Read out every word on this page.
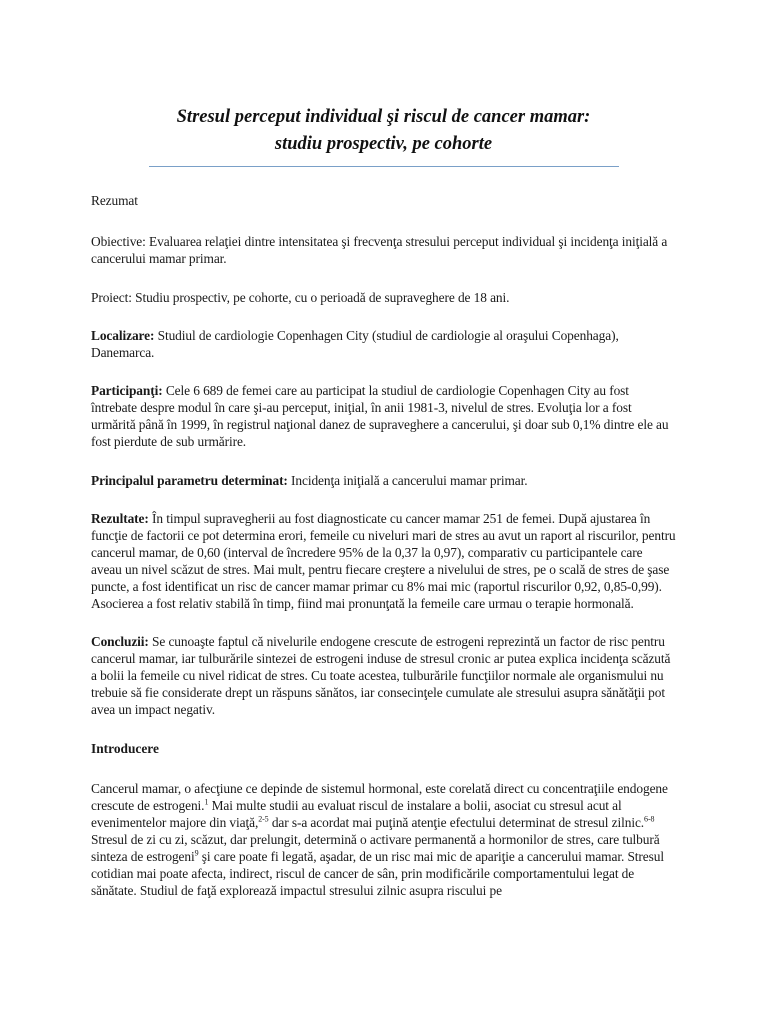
Stresul perceput individual şi riscul de cancer mamar:
studiu prospectiv, pe cohorte

Rezumat

Obiective: Evaluarea relaţiei dintre intensitatea şi frecvenţa stresului perceput individual şi incidenţa iniţială a cancerului mamar primar.

Proiect: Studiu prospectiv, pe cohorte, cu o perioadă de supraveghere de 18 ani.

Localizare: Studiul de cardiologie Copenhagen City (studiul de cardiologie al oraşului Copenhaga), Danemarca.

Participanţi: Cele 6 689 de femei care au participat la studiul de cardiologie Copenhagen City au fost întrebate despre modul în care şi-au perceput, iniţial, în anii 1981-3, nivelul de stres. Evoluţia lor a fost urmărită până în 1999, în registrul naţional danez de supraveghere a cancerului, şi doar sub 0,1% dintre ele au fost pierdute de sub urmărire.

Principalul parametru determinat: Incidenţa iniţială a cancerului mamar primar.

Rezultate: În timpul supravegherii au fost diagnosticate cu cancer mamar 251 de femei. După ajustarea în funcţie de factorii ce pot determina erori, femeile cu niveluri mari de stres au avut un raport al riscurilor, pentru cancerul mamar, de 0,60 (interval de încredere 95% de la 0,37 la 0,97), comparativ cu participantele care aveau un nivel scăzut de stres. Mai mult, pentru fiecare creştere a nivelului de stres, pe o scală de stres de şase puncte, a fost identificat un risc de cancer mamar primar cu 8% mai mic (raportul riscurilor 0,92, 0,85-0,99). Asocierea a fost relativ stabilă în timp, fiind mai pronunţată la femeile care urmau o terapie hormonală.

Concluzii: Se cunoaşte faptul că nivelurile endogene crescute de estrogeni reprezintă un factor de risc pentru cancerul mamar, iar tulburările sintezei de estrogeni induse de stresul cronic ar putea explica incidenţa scăzută a bolii la femeile cu nivel ridicat de stres. Cu toate acestea, tulburările funcţiilor normale ale organismului nu trebuie să fie considerate drept un răspuns sănătos, iar consecinţele cumulate ale stresului asupra sănătăţii pot avea un impact negativ.

Introducere

Cancerul mamar, o afecţiune ce depinde de sistemul hormonal, este corelată direct cu concentraţiile endogene crescute de estrogeni.$^1$ Mai multe studii au evaluat riscul de instalare a bolii, asociat cu stresul acut al evenimentelor majore din viaţă,$^{2-5}$ dar s-a acordat mai puţină atenţie efectului determinat de stresul zilnic.$^{6-8}$ Stresul de zi cu zi, scăzut, dar prelungit, determină o activare permanentă a hormonilor de stres, care tulbură sinteza de estrogeni$^9$ şi care poate fi legată, aşadar, de un risc mai mic de apariţie a cancerului mamar. Stresul cotidian mai poate afecta, indirect, riscul de cancer de sân, prin modificările comportamentului legat de sănătate. Studiul de faţă explorează impactul stresului zilnic asupra riscului pe
